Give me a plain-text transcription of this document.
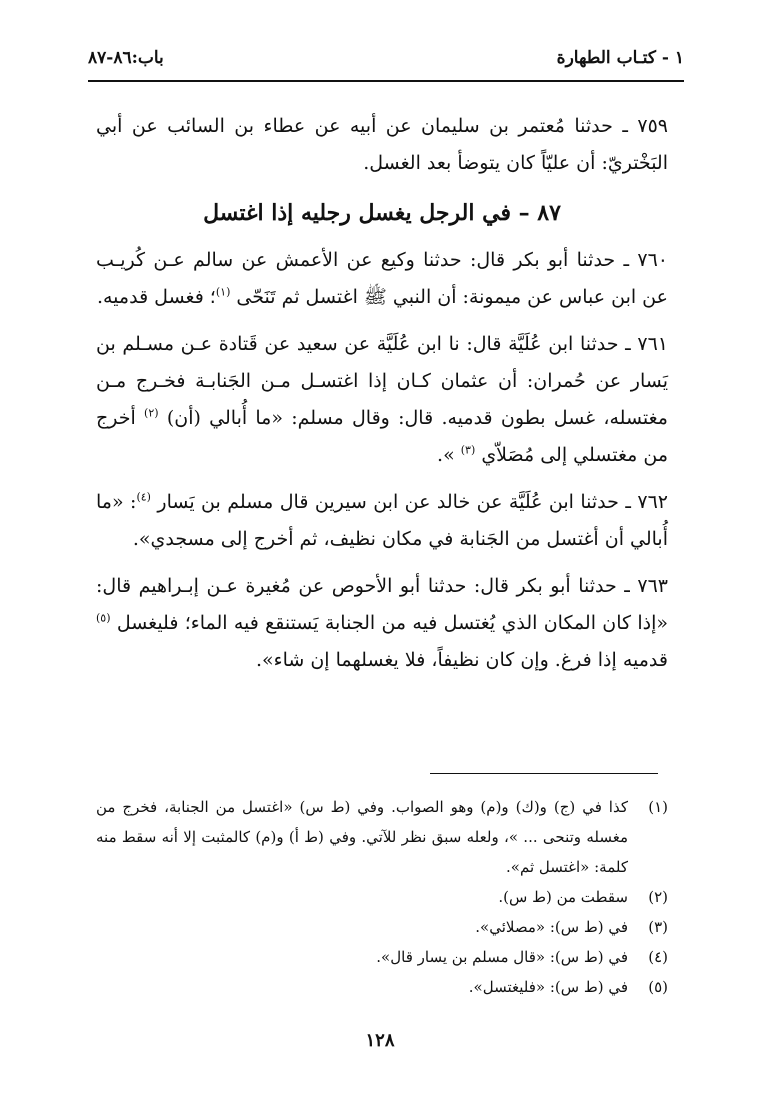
١ - كتـاب الطهارة
باب:٨٦-٨٧

٧٥٩ ـ حدثنا مُعتمر بن سليمان عن أبيه عن عطاء بن السائب عن أبي البَخْتريّ: أن عليّاً كان يتوضأ بعد الغسل.

٨٧ – في الرجل يغسل رجليه إذا اغتسل

٧٦٠ ـ حدثنا أبو بكر قال: حدثنا وكيع عن الأعمش عن سالم عـن كُريـب عن ابن عباس عن ميمونة: أن النبي ﷺ اغتسل ثم تَنَحّى $^{(١)}$؛ فغسل قدميه.

٧٦١ ـ حدثنا ابن عُلَيَّة قال: نا ابن عُلَيَّة عن سعيد عن قَتادة عـن مسـلم بن يَسار عن حُمران: أن عثمان كـان إذا اغتسـل مـن الجَنابـة فخـرج مـن مغتسله، غسل بطون قدميه. قال: وقال مسلم: «ما أُبالي (أن) $^{(٢)}$ أخرج من مغتسلي إلى مُصَلاّي $^{(٣)}$ ».

٧٦٢ ـ حدثنا ابن عُلَيَّة عن خالد عن ابن سيرين قال مسلم بن يَسار $^{(٤)}$: «ما أُبالي أن أغتسل من الجَنابة في مكان نظيف، ثم أخرج إلى مسجدي».

٧٦٣ ـ حدثنا أبو بكر قال: حدثنا أبو الأحوص عن مُغيرة عـن إبـراهيم قال: «إذا كان المكان الذي يُغتسل فيه من الجنابة يَستنقع فيه الماء؛ فليغسل $^{(٥)}$ قدميه إذا فرغ. وإن كان نظيفاً، فلا يغسلهما إن شاء».

(١)
كذا في (ج) و(ك) و(م) وهو الصواب. وفي (ط س) «اغتسل من الجنابة، فخرج من مغسله وتنحى ... »، ولعله سبق نظر للآتي. وفي (ط أ) و(م) كالمثبت إلا أنه سقط منه كلمة: «اغتسل ثم».
(٢)
سقطت من (ط س).
(٣)
في (ط س): «مصلائي».
(٤)
في (ط س): «قال مسلم بن يسار قال».
(٥)
في (ط س): «فليغتسل».
١٢٨
